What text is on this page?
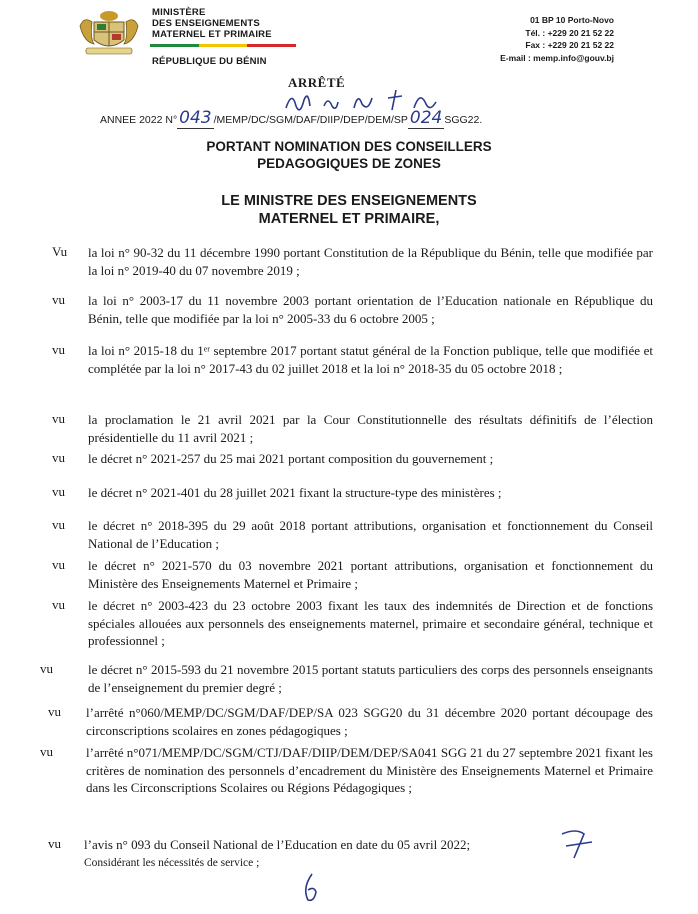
MINISTÈRE
DES ENSEIGNEMENTS
MATERNEL ET PRIMAIRE
RÉPUBLIQUE DU BÉNIN
01 BP 10 Porto-Novo
Tél. : +229 20 21 52 22
Fax : +229 20 21 52 22
E-mail : memp.info@gouv.bj
ARRÊTÉ
ANNEE 2022 N° 043 /MEMP/DC/SGM/DAF/DIIP/DEP/DEM/SP 024 SGG22.
PORTANT NOMINATION DES CONSEILLERS
PEDAGOGIQUES DE ZONES
LE MINISTRE DES ENSEIGNEMENTS
MATERNEL ET PRIMAIRE,
Vu la loi n° 90-32 du 11 décembre 1990 portant Constitution de la République du Bénin, telle que modifiée par la loi n° 2019-40 du 07 novembre 2019 ;
vu la loi n° 2003-17 du 11 novembre 2003 portant orientation de l’Education nationale en République du Bénin, telle que modifiée par la loi n° 2005-33 du 6 octobre 2005 ;
vu la loi n° 2015-18 du 1ᵉʳ septembre 2017 portant statut général de la Fonction publique, telle que modifiée et complétée par la loi n° 2017-43 du 02 juillet 2018 et la loi n° 2018-35 du 05 octobre 2018 ;
vu la proclamation le 21 avril 2021 par la Cour Constitutionnelle des résultats définitifs de l’élection présidentielle du 11 avril 2021 ;
vu le décret n° 2021-257 du 25 mai 2021 portant composition du gouvernement ;
vu le décret n° 2021-401 du 28 juillet 2021 fixant la structure-type des ministères ;
vu le décret n° 2018-395 du 29 août 2018 portant attributions, organisation et fonctionnement du Conseil National de l’Education ;
vu le décret n° 2021-570 du 03 novembre 2021 portant attributions, organisation et fonctionnement du Ministère des Enseignements Maternel et Primaire ;
vu le décret n° 2003-423 du 23 octobre 2003 fixant les taux des indemnités de Direction et de fonctions spéciales allouées aux personnels des enseignements maternel, primaire et secondaire général, technique et professionnel ;
vu	le décret n° 2015-593 du 21 novembre 2015 portant statuts particuliers des corps des personnels enseignants de l’enseignement du premier degré ;
vu l’arrêté n°060/MEMP/DC/SGM/DAF/DEP/SA 023 SGG20 du 31 décembre 2020 portant découpage des circonscriptions scolaires en zones pédagogiques ;
vu	l’arrêté n°071/MEMP/DC/SGM/CTJ/DAF/DIIP/DEM/DEP/SA041 SGG 21 du 27 septembre 2021 fixant les critères de nomination des personnels d’encadrement du Ministère des Enseignements Maternel et Primaire dans les Circonscriptions Scolaires ou Régions Pédagogiques ;
vu l’avis n° 093 du Conseil National de l’Education en date du 05 avril 2022;
Considérant les nécessités de service ;
